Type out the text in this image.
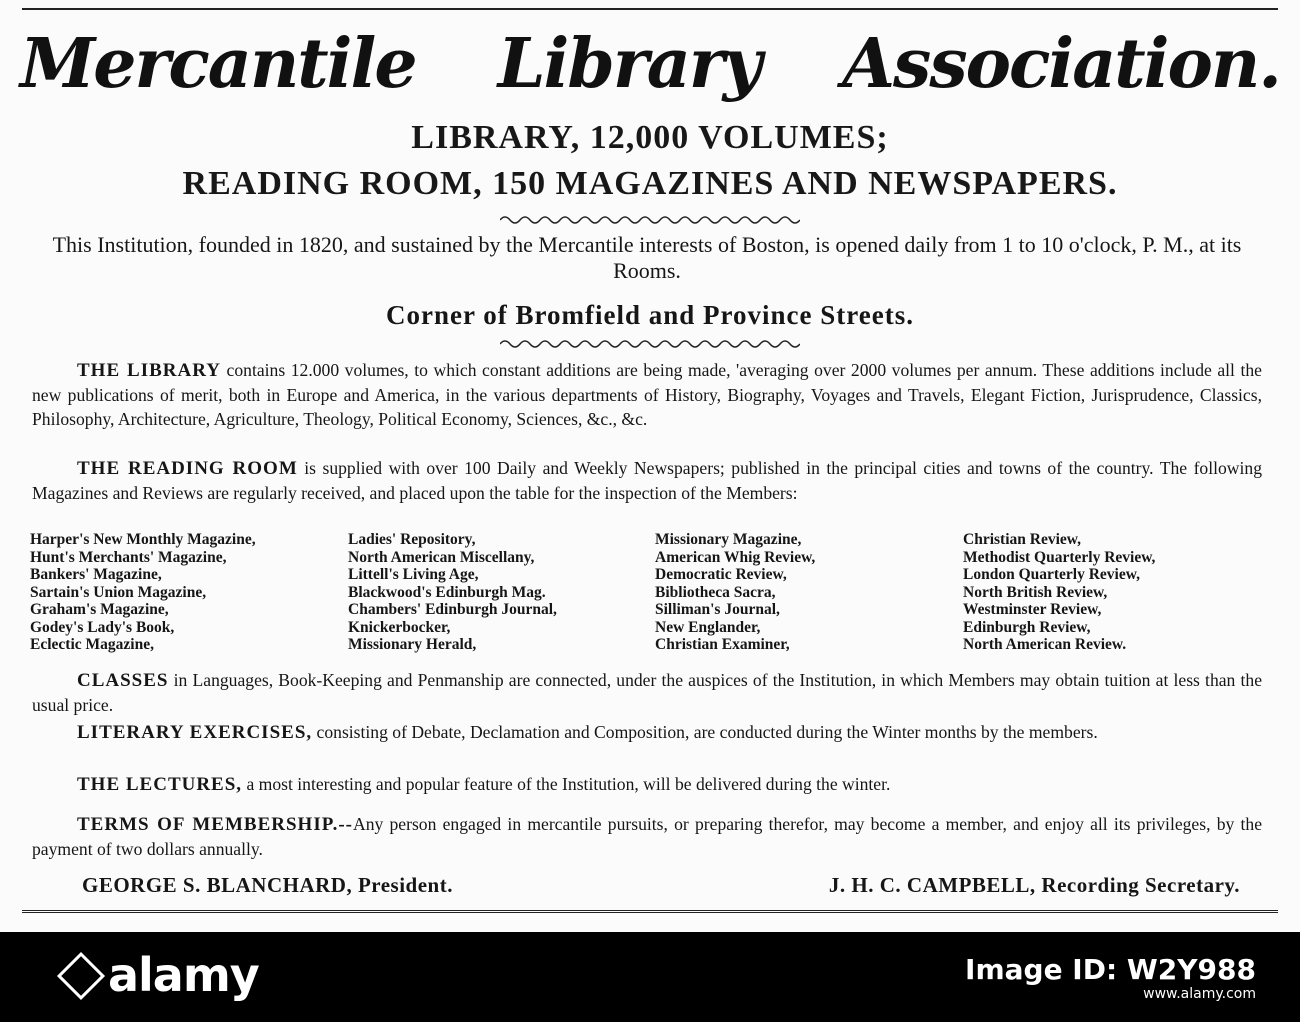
Mercantile Library Association.
LIBRARY, 12,000 VOLUMES;
READING ROOM, 150 MAGAZINES AND NEWSPAPERS.
This Institution, founded in 1820, and sustained by the Mercantile interests of Boston, is opened daily from 1 to 10 o'clock, P. M., at its Rooms.
Corner of Bromfield and Province Streets.
THE LIBRARY contains 12.000 volumes, to which constant additions are being made, 'averaging over 2000 volumes per annum. These additions include all the new publications of merit, both in Europe and America, in the various departments of History, Biography, Voyages and Travels, Elegant Fiction, Jurisprudence, Classics, Philosophy, Architecture, Agriculture, Theology, Political Economy, Sciences, &c., &c.
THE READING ROOM is supplied with over 100 Daily and Weekly Newspapers; published in the principal cities and towns of the country. The following Magazines and Reviews are regularly received, and placed upon the table for the inspection of the Members:
Harper's New Monthly Magazine,
Hunt's Merchants' Magazine,
Bankers' Magazine,
Sartain's Union Magazine,
Graham's Magazine,
Godey's Lady's Book,
Eclectic Magazine,
Ladies' Repository,
North American Miscellany,
Littell's Living Age,
Blackwood's Edinburgh Mag.
Chambers' Edinburgh Journal,
Knickerbocker,
Missionary Herald,
Missionary Magazine,
American Whig Review,
Democratic Review,
Bibliotheca Sacra,
Silliman's Journal,
New Englander,
Christian Examiner,
Christian Review,
Methodist Quarterly Review,
London Quarterly Review,
North British Review,
Westminster Review,
Edinburgh Review,
North American Review.
CLASSES in Languages, Book-Keeping and Penmanship are connected, under the auspices of the Institution, in which Members may obtain tuition at less than the usual price.
LITERARY EXERCISES, consisting of Debate, Declamation and Composition, are conducted during the Winter months by the members.
THE LECTURES, a most interesting and popular feature of the Institution, will be delivered during the winter.
TERMS OF MEMBERSHIP.--Any person engaged in mercantile pursuits, or preparing therefor, may become a member, and enjoy all its privileges, by the payment of two dollars annually.
GEORGE S. BLANCHARD, President.	J. H. C. CAMPBELL, Recording Secretary.
alamy	Image ID: W2Y988
www.alamy.com
